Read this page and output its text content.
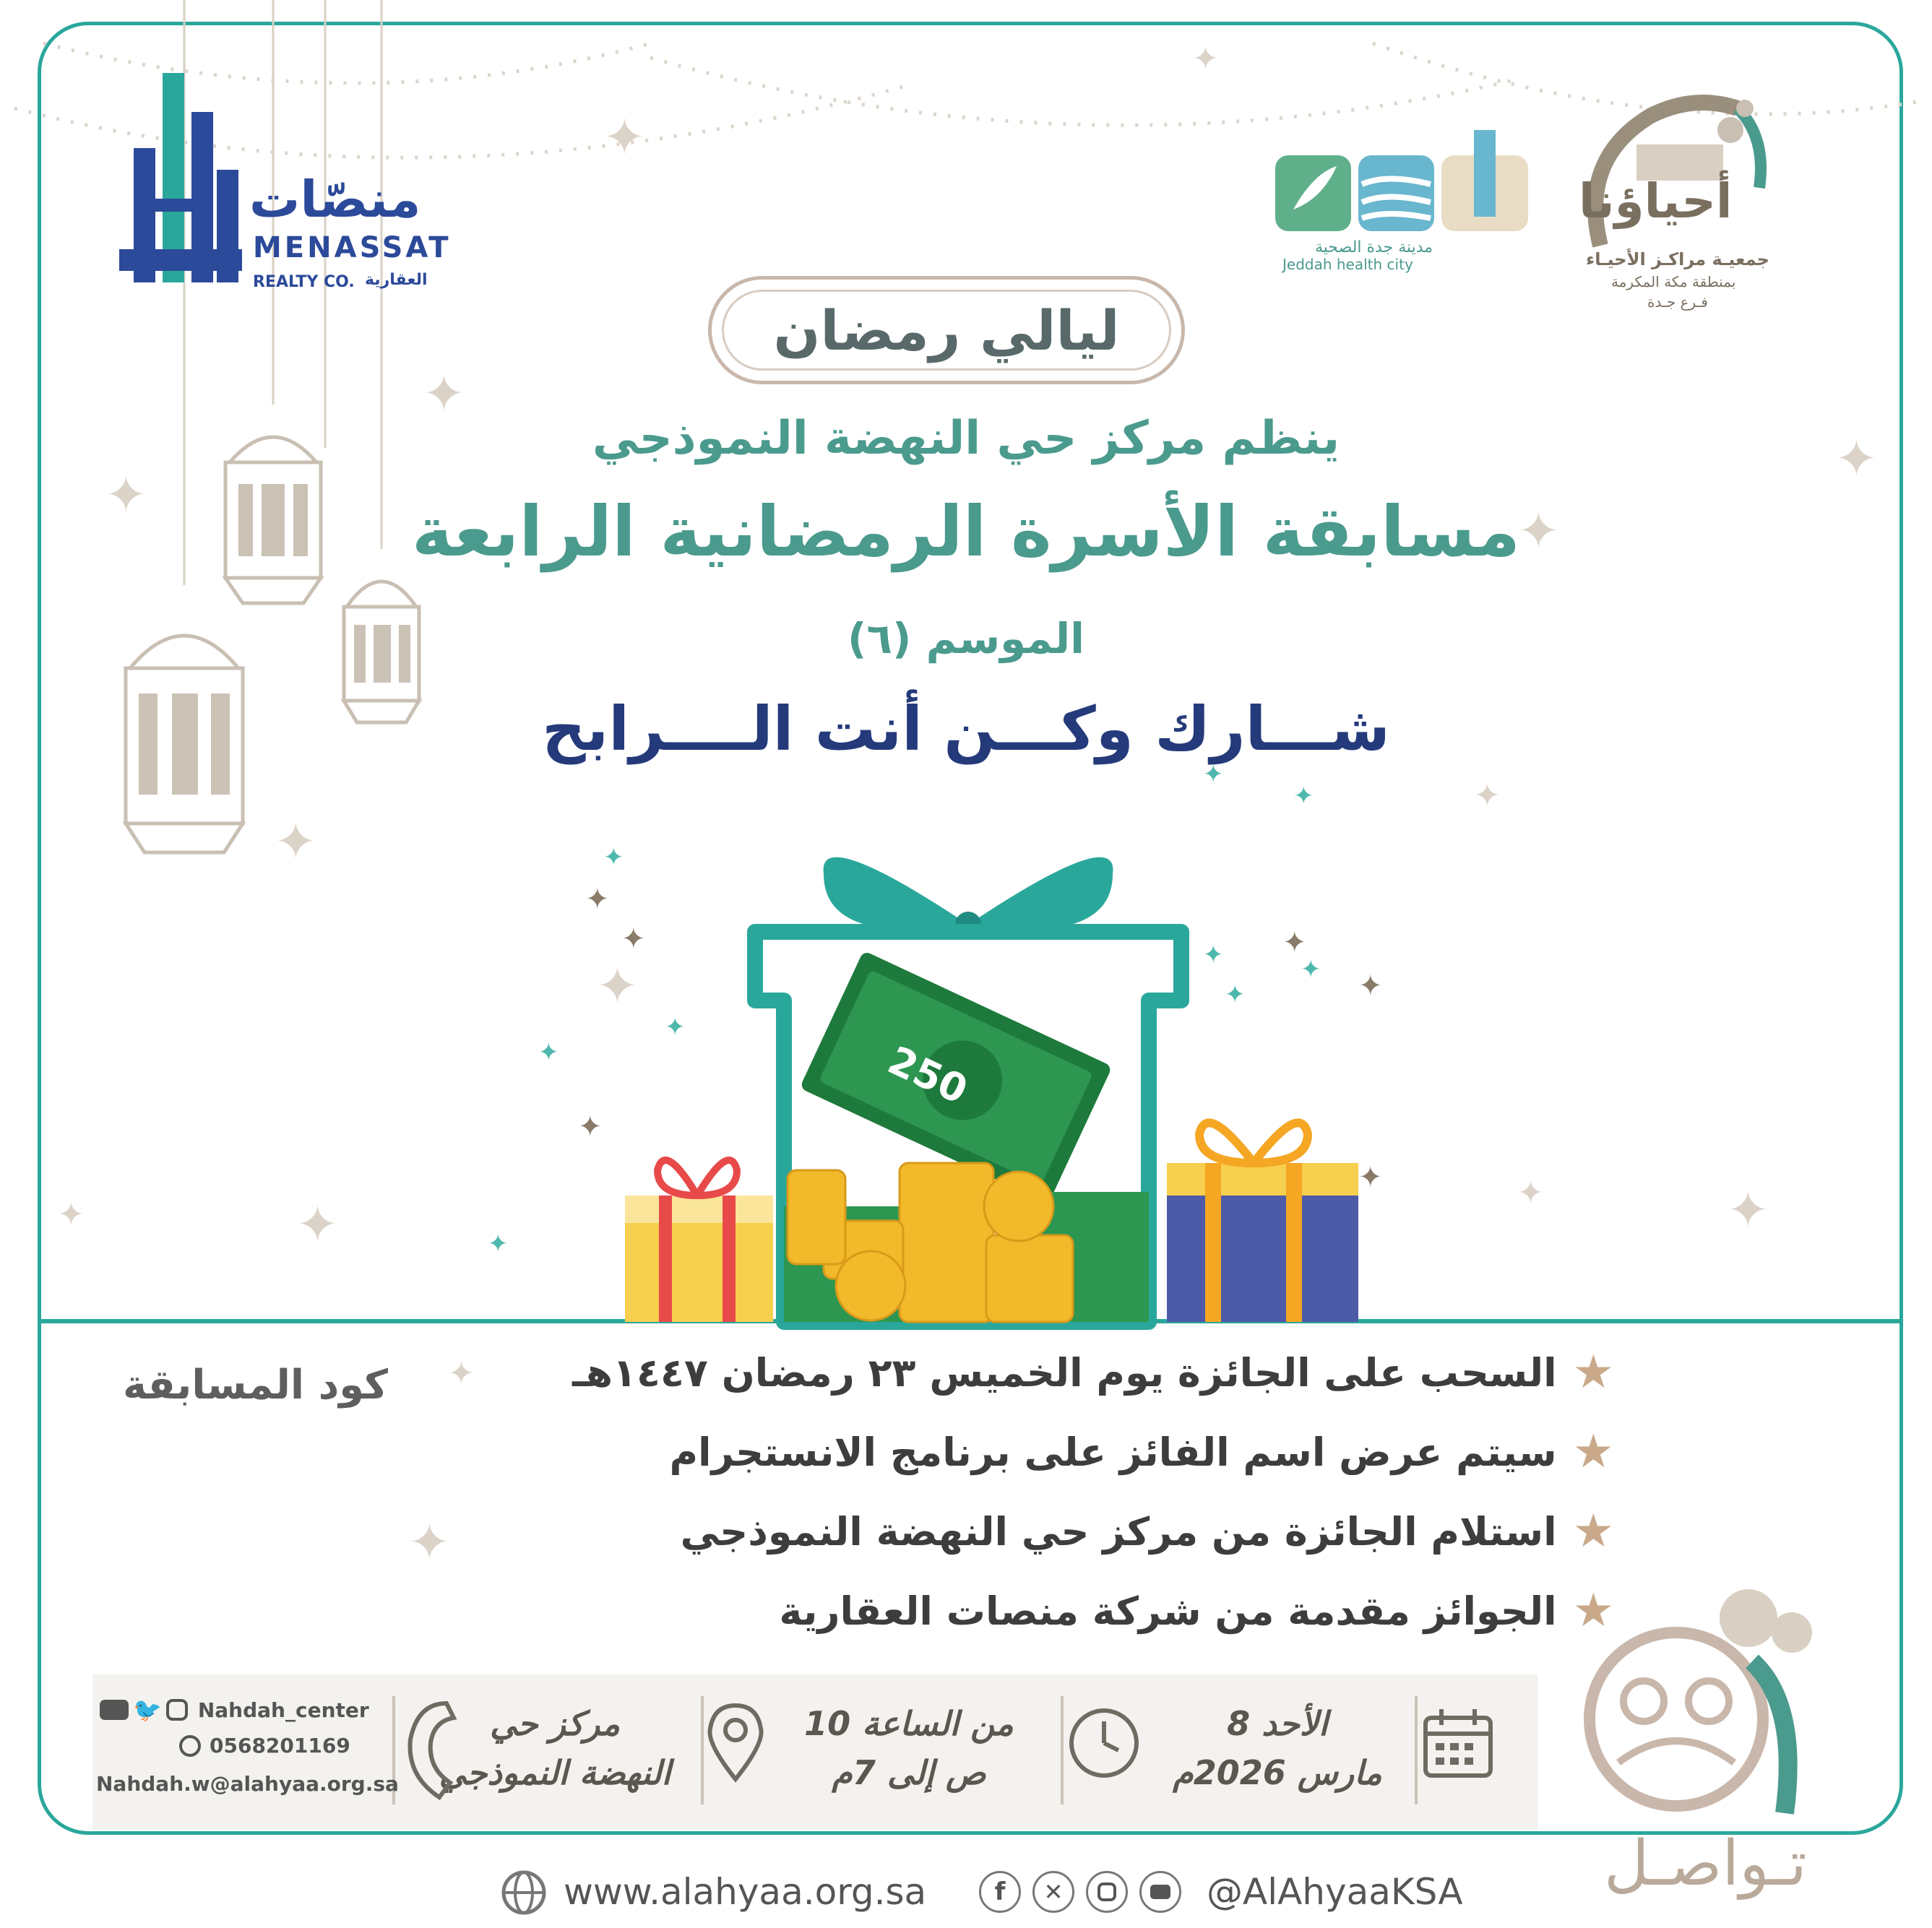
✦
✦
✦
✦
✦
✦
✦
✦
✦
✦
✦
✦
✦
✦
✦
✦
✦
✦
✦
✦
✦
✦
✦
✦
✦
✦
✦
✦
✦
✦
منصّات
MENASSAT
REALTY CO. العقارية
مدينة جدة الصحية
Jeddah health city
أحياؤنا
جمعيـة مراكـز الأحيـاء
بمنطقة مكة المكرمة
فـرع جـدة
ليالي رمضان
ينظم مركز حي النهضة النموذجي
مسابقة الأسرة الرمضانية الرابعة
الموسم (٦)
شـــارك وكـــن أنت الــــرابح
250
كود المسابقة	★
السحب على الجائزة يوم الخميس ٢٣ رمضان ١٤٤٧هـ
★
سيتم عرض اسم الفائز على برنامج الانستجرام
★
استلام الجائزة من مركز حي النهضة النموذجي
★
الجوائز مقدمة من شركة منصات العقارية
الأحد 8
مارس 2026م
من الساعة 10
ص إلى 7م
مركز حي
النهضة النموذجي
🐦 Nahdah_center
0568201169
Nahdah.w@alahyaa.org.sa
تـواصـل
www.alahyaa.org.sa	f	✕	@AlAhyaaKSA
